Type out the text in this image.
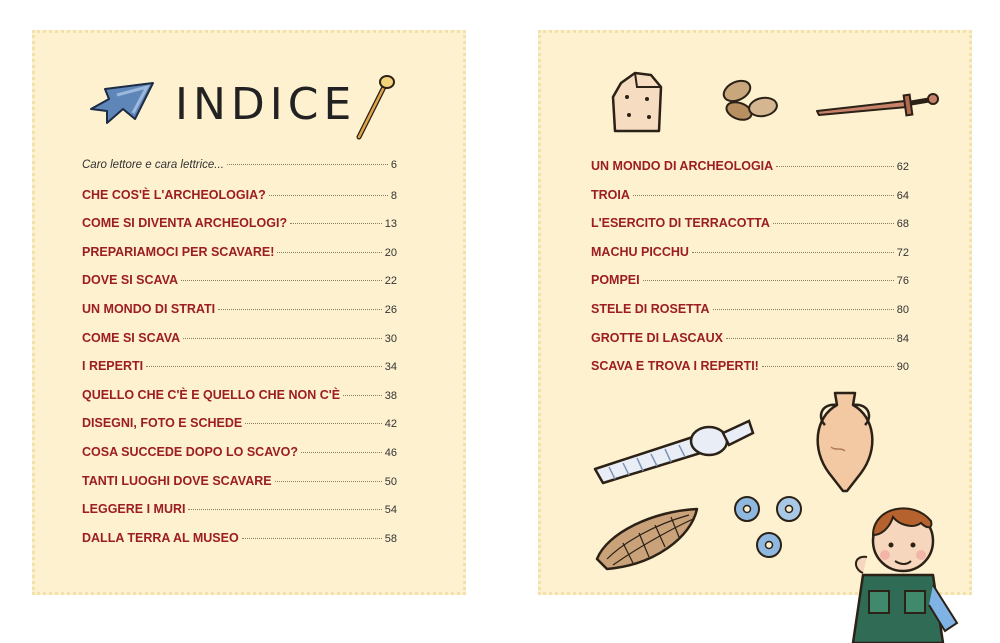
INDICE
Caro lettore e cara lettrice...	6
CHE COS'È L'ARCHEOLOGIA?	8
COME SI DIVENTA ARCHEOLOGI?	13
PREPARIAMOCI PER SCAVARE!	20
DOVE SI SCAVA	22
UN MONDO DI STRATI	26
COME SI SCAVA	30
I REPERTI	34
QUELLO CHE C'È E QUELLO CHE NON C'È	38
DISEGNI, FOTO E SCHEDE	42
COSA SUCCEDE DOPO LO SCAVO?	46
TANTI LUOGHI DOVE SCAVARE	50
LEGGERE I MURI	54
DALLA TERRA AL MUSEO	58
UN MONDO DI ARCHEOLOGIA	62
TROIA	64
L'ESERCITO DI TERRACOTTA	68
MACHU PICCHU	72
POMPEI	76
STELE DI ROSETTA	80
GROTTE DI LASCAUX	84
SCAVA E TROVA I REPERTI!	90
